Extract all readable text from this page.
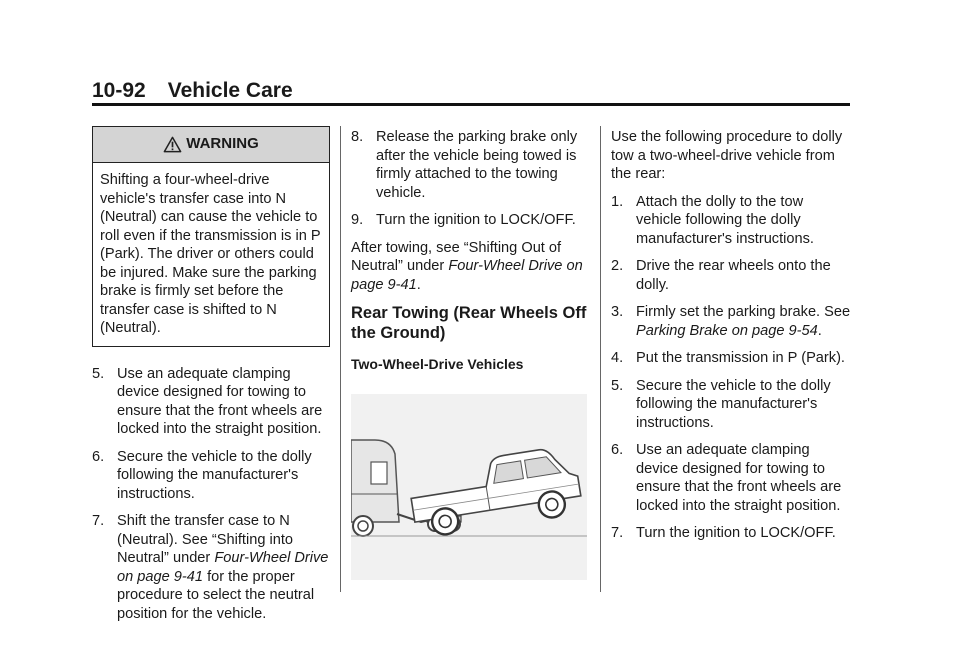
10-92 Vehicle Care
WARNING

Shifting a four-wheel-drive vehicle's transfer case into N (Neutral) can cause the vehicle to roll even if the transmission is in P (Park). The driver or others could be injured. Make sure the parking brake is firmly set before the transfer case is shifted to N (Neutral).

5. Use an adequate clamping device designed for towing to ensure that the front wheels are locked into the straight position.
6. Secure the vehicle to the dolly following the manufacturer's instructions.
7. Shift the transfer case to N (Neutral). See “Shifting into Neutral” under Four-Wheel Drive on page 9-41 for the proper procedure to select the neutral position for the vehicle.
8. Release the parking brake only after the vehicle being towed is firmly attached to the towing vehicle.
9. Turn the ignition to LOCK/OFF.

After towing, see “Shifting Out of Neutral” under Four-Wheel Drive on page 9-41.

Rear Towing (Rear Wheels Off the Ground)
Two-Wheel-Drive Vehicles

Use the following procedure to dolly tow a two-wheel-drive vehicle from the rear:

1. Attach the dolly to the tow vehicle following the dolly manufacturer's instructions.
2. Drive the rear wheels onto the dolly.
3. Firmly set the parking brake. See Parking Brake on page 9-54.
4. Put the transmission in P (Park).
5. Secure the vehicle to the dolly following the manufacturer's instructions.
6. Use an adequate clamping device designed for towing to ensure that the front wheels are locked into the straight position.
7. Turn the ignition to LOCK/OFF.
